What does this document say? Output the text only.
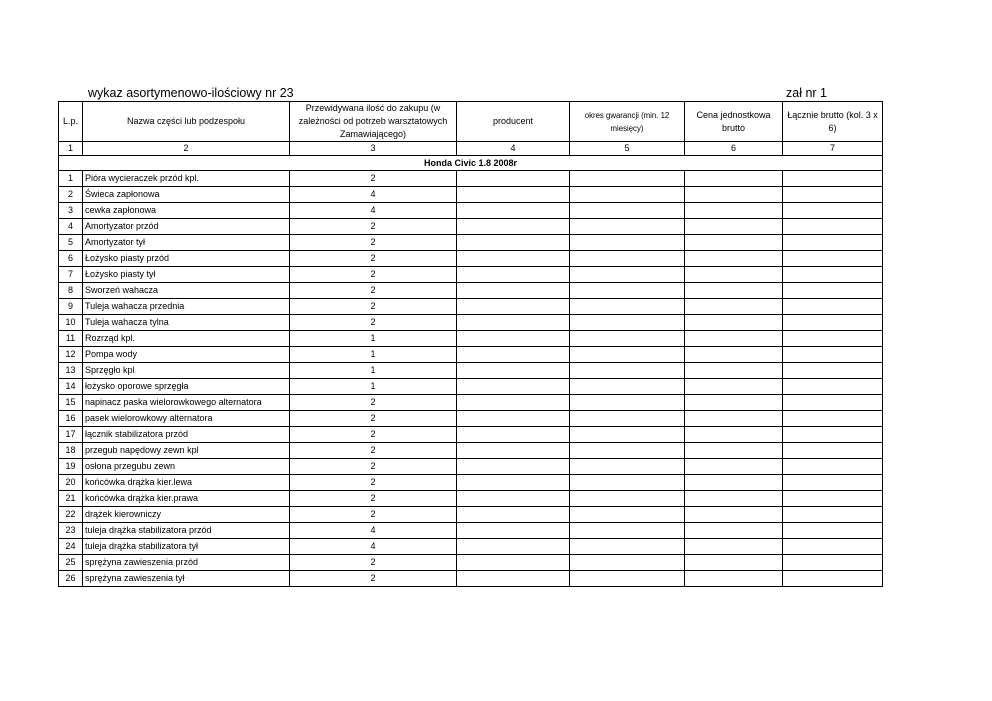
wykaz asortymenowo-ilościowy nr 23	zał nr 1
L.p.	Nazwa części lub podzespołu	Przewidywana ilość do zakupu (w zależności od potrzeb warsztatowych Zamawiającego)	producent	okres gwarancji (min. 12 miesięcy)	Cena jednostkowa brutto	Łącznie brutto (kol. 3 x 6)
1	2	3	4	5	6	7
Honda Civic 1.8 2008r						
1	Pióra wycieraczek przód kpl.	2				
2	Świeca zapłonowa	4				
3	cewka zapłonowa	4				
4	Amortyzator przód	2				
5	Amortyzator tył	2				
6	Łożysko piasty przód	2				
7	Łożysko piasty tył	2				
8	Sworzeń wahacza	2				
9	Tuleja wahacza przednia	2				
10	Tuleja wahacza tylna	2				
11	Rozrząd kpl.	1				
12	Pompa wody	1				
13	Sprzęgło kpl	1				
14	łożysko oporowe sprzęgła	1				
15	napinacz paska wielorowkowego alternatora	2				
16	pasek wielorowkowy alternatora	2				
17	łącznik stabilizatora przód	2				
18	przegub napędowy zewn kpl	2				
19	osłona przegubu zewn	2				
20	końcówka drążka kier.lewa	2				
21	końcówka drążka kier.prawa	2				
22	drążek kierowniczy	2				
23	tuleja drążka stabilizatora przód	4				
24	tuleja drążka stabilizatora tył	4				
25	sprężyna zawieszenia przód	2				
26	sprężyna zawieszenia tył	2				
